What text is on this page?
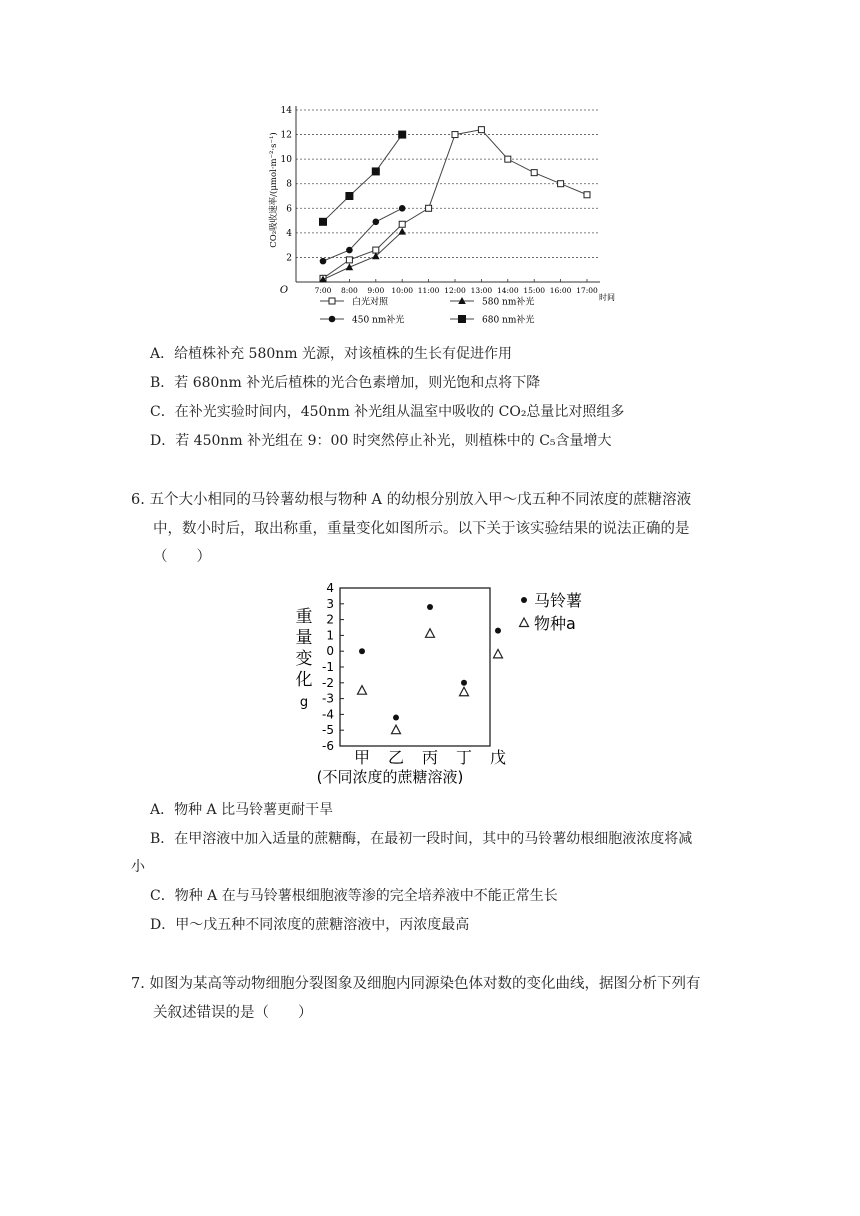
CO₂吸收速率/(μmol·m⁻²·s⁻¹)
O
时间
2
4
6
8
10
12
14
7:00 8:00 9:00 10:00 11:00 12:00 13:00 14:00 15:00 16:00 17:00
白光对照	580 nm补光
450 nm补光	680 nm补光
A．给植株补充 580nm 光源，对该植株的生长有促进作用
B．若 680nm 补光后植株的光合色素增加，则光饱和点将下降
C．在补光实验时间内，450nm 补光组从温室中吸收的 CO₂总量比对照组多
D．若 450nm 补光组在 9：00 时突然停止补光，则植株中的 C₅含量增大
6. 五个大小相同的马铃薯幼根与物种 A 的幼根分别放入甲～戊五种不同浓度的蔗糖溶液
中，数小时后，取出称重，重量变化如图所示。以下关于该实验结果的说法正确的是
（　　）
重
量
变
化
g
4
3
2
1
0
-1
-2
-3
-4
-5
-6
甲 乙 丙 丁 戊
马铃薯
物种a
(不同浓度的蔗糖溶液)
A．物种 A 比马铃薯更耐干旱
B．在甲溶液中加入适量的蔗糖酶，在最初一段时间，其中的马铃薯幼根细胞液浓度将减
小
C．物种 A 在与马铃薯根细胞液等渗的完全培养液中不能正常生长
D．甲～戊五种不同浓度的蔗糖溶液中，丙浓度最高
7. 如图为某高等动物细胞分裂图象及细胞内同源染色体对数的变化曲线，据图分析下列有
关叙述错误的是（　　）
